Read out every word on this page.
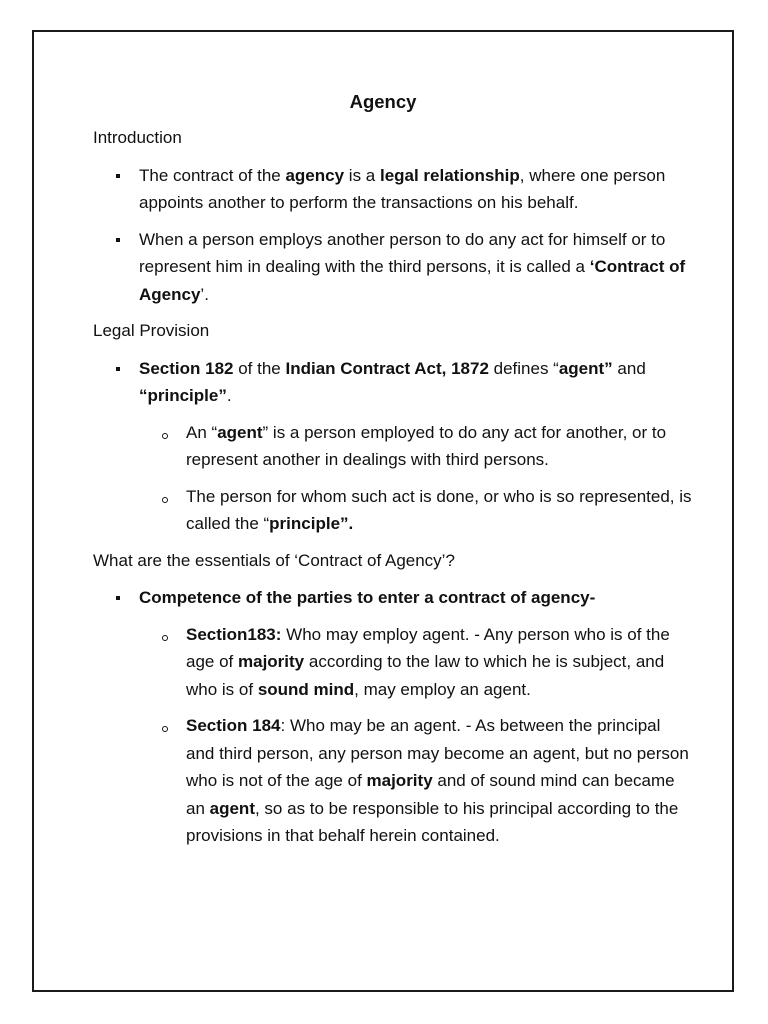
Agency
Introduction
The contract of the agency is a legal relationship, where one person appoints another to perform the transactions on his behalf.
When a person employs another person to do any act for himself or to represent him in dealing with the third persons, it is called a ‘Contract of Agency’.
Legal Provision
Section 182 of the Indian Contract Act, 1872 defines “agent” and “principle”.
An “agent” is a person employed to do any act for another, or to represent another in dealings with third persons.
The person for whom such act is done, or who is so represented, is called the “principle”.
What are the essentials of ‘Contract of Agency’?
Competence of the parties to enter a contract of agency-
Section183: Who may employ agent. - Any person who is of the age of majority according to the law to which he is subject, and who is of sound mind, may employ an agent.
Section 184: Who may be an agent. - As between the principal and third person, any person may become an agent, but no person who is not of the age of majority and of sound mind can became an agent, so as to be responsible to his principal according to the provisions in that behalf herein contained.
